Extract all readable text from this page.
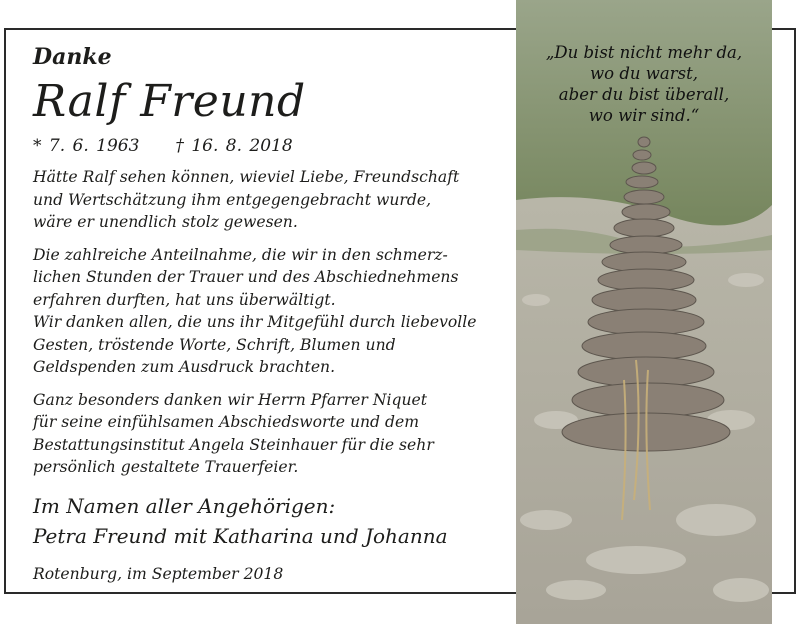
„Du bist nicht mehr da,
wo du warst,
aber du bist überall,
wo wir sind.“
Danke
Ralf Freund
* 7. 6. 1963 † 16. 8. 2018
Hätte Ralf sehen können, wieviel Liebe, Freundschaft
und Wertschätzung ihm entgegengebracht wurde,
wäre er unendlich stolz gewesen.
Die zahlreiche Anteilnahme, die wir in den schmerz-
lichen Stunden der Trauer und des Abschiednehmens
erfahren durften, hat uns überwältigt.
Wir danken allen, die uns ihr Mitgefühl durch liebevolle
Gesten, tröstende Worte, Schrift, Blumen und
Geldspenden zum Ausdruck brachten.
Ganz besonders danken wir Herrn Pfarrer Niquet
für seine einfühlsamen Abschiedsworte und dem
Bestattungsinstitut Angela Steinhauer für die sehr
persönlich gestaltete Trauerfeier.
Im Namen aller Angehörigen:
Petra Freund mit Katharina und Johanna
Rotenburg, im September 2018
